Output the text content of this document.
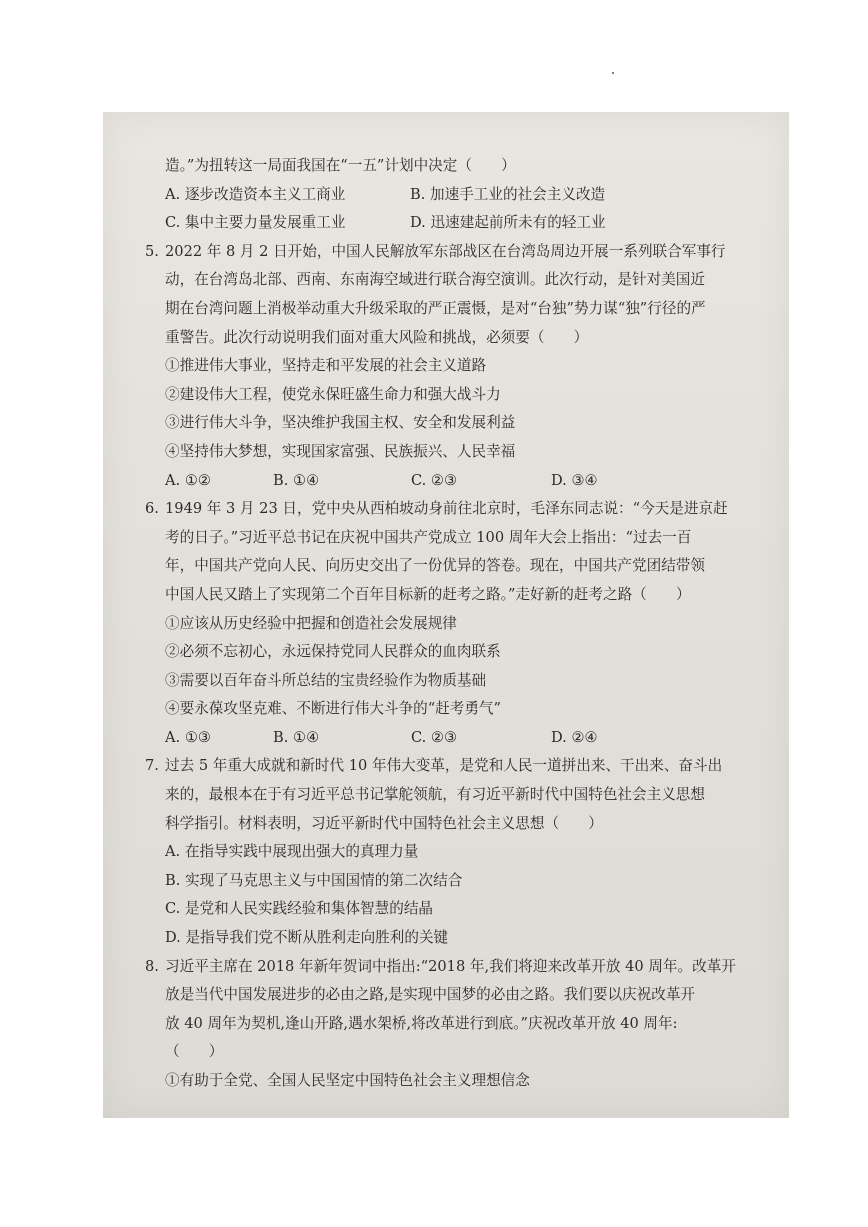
造。”为扭转这一局面我国在“一五”计划中决定（　　）
A. 逐步改造资本主义工商业	B. 加速手工业的社会主义改造
C. 集中主要力量发展重工业	D. 迅速建起前所未有的轻工业
5. 2022 年 8 月 2 日开始，中国人民解放军东部战区在台湾岛周边开展一系列联合军事行
动，在台湾岛北部、西南、东南海空域进行联合海空演训。此次行动，是针对美国近
期在台湾问题上消极举动重大升级采取的严正震慑，是对“台独”势力谋“独”行径的严
重警告。此次行动说明我们面对重大风险和挑战，必须要（　　）
①推进伟大事业，坚持走和平发展的社会主义道路
②建设伟大工程，使党永保旺盛生命力和强大战斗力
③进行伟大斗争，坚决维护我国主权、安全和发展利益
④坚持伟大梦想，实现国家富强、民族振兴、人民幸福
A. ①②	B. ①④	C. ②③	D. ③④
6. 1949 年 3 月 23 日，党中央从西柏坡动身前往北京时，毛泽东同志说：“今天是进京赶
考的日子。”习近平总书记在庆祝中国共产党成立 100 周年大会上指出：“过去一百
年，中国共产党向人民、向历史交出了一份优异的答卷。现在，中国共产党团结带领
中国人民又踏上了实现第二个百年目标新的赶考之路。”走好新的赶考之路（　　）
①应该从历史经验中把握和创造社会发展规律
②必须不忘初心，永远保持党同人民群众的血肉联系
③需要以百年奋斗所总结的宝贵经验作为物质基础
④要永葆攻坚克难、不断进行伟大斗争的“赶考勇气”
A. ①③	B. ①④	C. ②③	D. ②④
7. 过去 5 年重大成就和新时代 10 年伟大变革，是党和人民一道拼出来、干出来、奋斗出
来的，最根本在于有习近平总书记掌舵领航，有习近平新时代中国特色社会主义思想
科学指引。材料表明，习近平新时代中国特色社会主义思想（　　）
A. 在指导实践中展现出强大的真理力量
B. 实现了马克思主义与中国国情的第二次结合
C. 是党和人民实践经验和集体智慧的结晶
D. 是指导我们党不断从胜利走向胜利的关键
8. 习近平主席在 2018 年新年贺词中指出:“2018 年,我们将迎来改革开放 40 周年。改革开
放是当代中国发展进步的必由之路,是实现中国梦的必由之路。我们要以庆祝改革开
放 40 周年为契机,逢山开路,遇水架桥,将改革进行到底。”庆祝改革开放 40 周年:
（　　）
①有助于全党、全国人民坚定中国特色社会主义理想信念
